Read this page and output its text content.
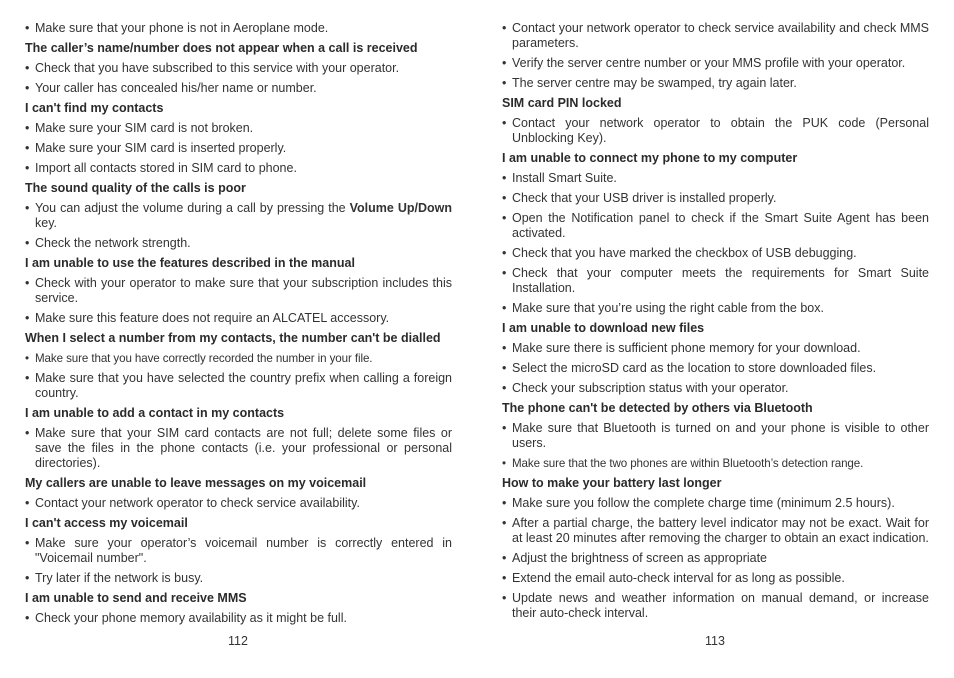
• Make sure that your phone is not in Aeroplane mode.
The caller’s name/number does not appear when a call is received
• Check that you have subscribed to this service with your operator.
• Your caller has concealed his/her name or number.
I can't find my contacts
• Make sure your SIM card is not broken.
• Make sure your SIM card is inserted properly.
• Import all contacts stored in SIM card to phone.
The sound quality of the calls is poor
• You can adjust the volume during a call by pressing the Volume Up/Down key.
• Check the network strength.
I am unable to use the features described in the manual
• Check with your operator to make sure that your subscription includes this service.
• Make sure this feature does not require an ALCATEL accessory.
When I select a number from my contacts, the number can't be dialled
• Make sure that you have correctly recorded the number in your file.
• Make sure that you have selected the country prefix when calling a foreign country.
I am unable to add a contact in my contacts
• Make sure that your SIM card contacts are not full; delete some files or save the files in the phone contacts (i.e. your professional or personal directories).
My callers are unable to leave messages on my voicemail
• Contact your network operator to check service availability.
I can't access my voicemail
• Make sure your operator’s voicemail number is correctly entered in "Voicemail number".
• Try later if the network is busy.
I am unable to send and receive MMS
• Check your phone memory availability as it might be full.
112
• Contact your network operator to check service availability and check MMS parameters.
• Verify the server centre number or your MMS profile with your operator.
• The server centre may be swamped, try again later.
SIM card PIN locked
• Contact your network operator to obtain the PUK code (Personal Unblocking Key).
I am unable to connect my phone to my computer
• Install Smart Suite.
• Check that your USB driver is installed properly.
• Open the Notification panel to check if the Smart Suite Agent has been activated.
• Check that you have marked the checkbox of USB debugging.
• Check that your computer meets the requirements for Smart Suite Installation.
• Make sure that you’re using the right cable from the box.
I am unable to download new files
• Make sure there is sufficient phone memory for your download.
• Select the microSD card as the location to store downloaded files.
• Check your subscription status with your operator.
The phone can't be detected by others via Bluetooth
• Make sure that Bluetooth is turned on and your phone is visible to other users.
• Make sure that the two phones are within Bluetooth’s detection range.
How to make your battery last longer
• Make sure you follow the complete charge time (minimum 2.5 hours).
• After a partial charge, the battery level indicator may not be exact. Wait for at least 20 minutes after removing the charger to obtain an exact indication.
• Adjust the brightness of screen as appropriate
• Extend the email auto-check interval for as long as possible.
• Update news and weather information on manual demand, or increase their auto-check interval.
113
